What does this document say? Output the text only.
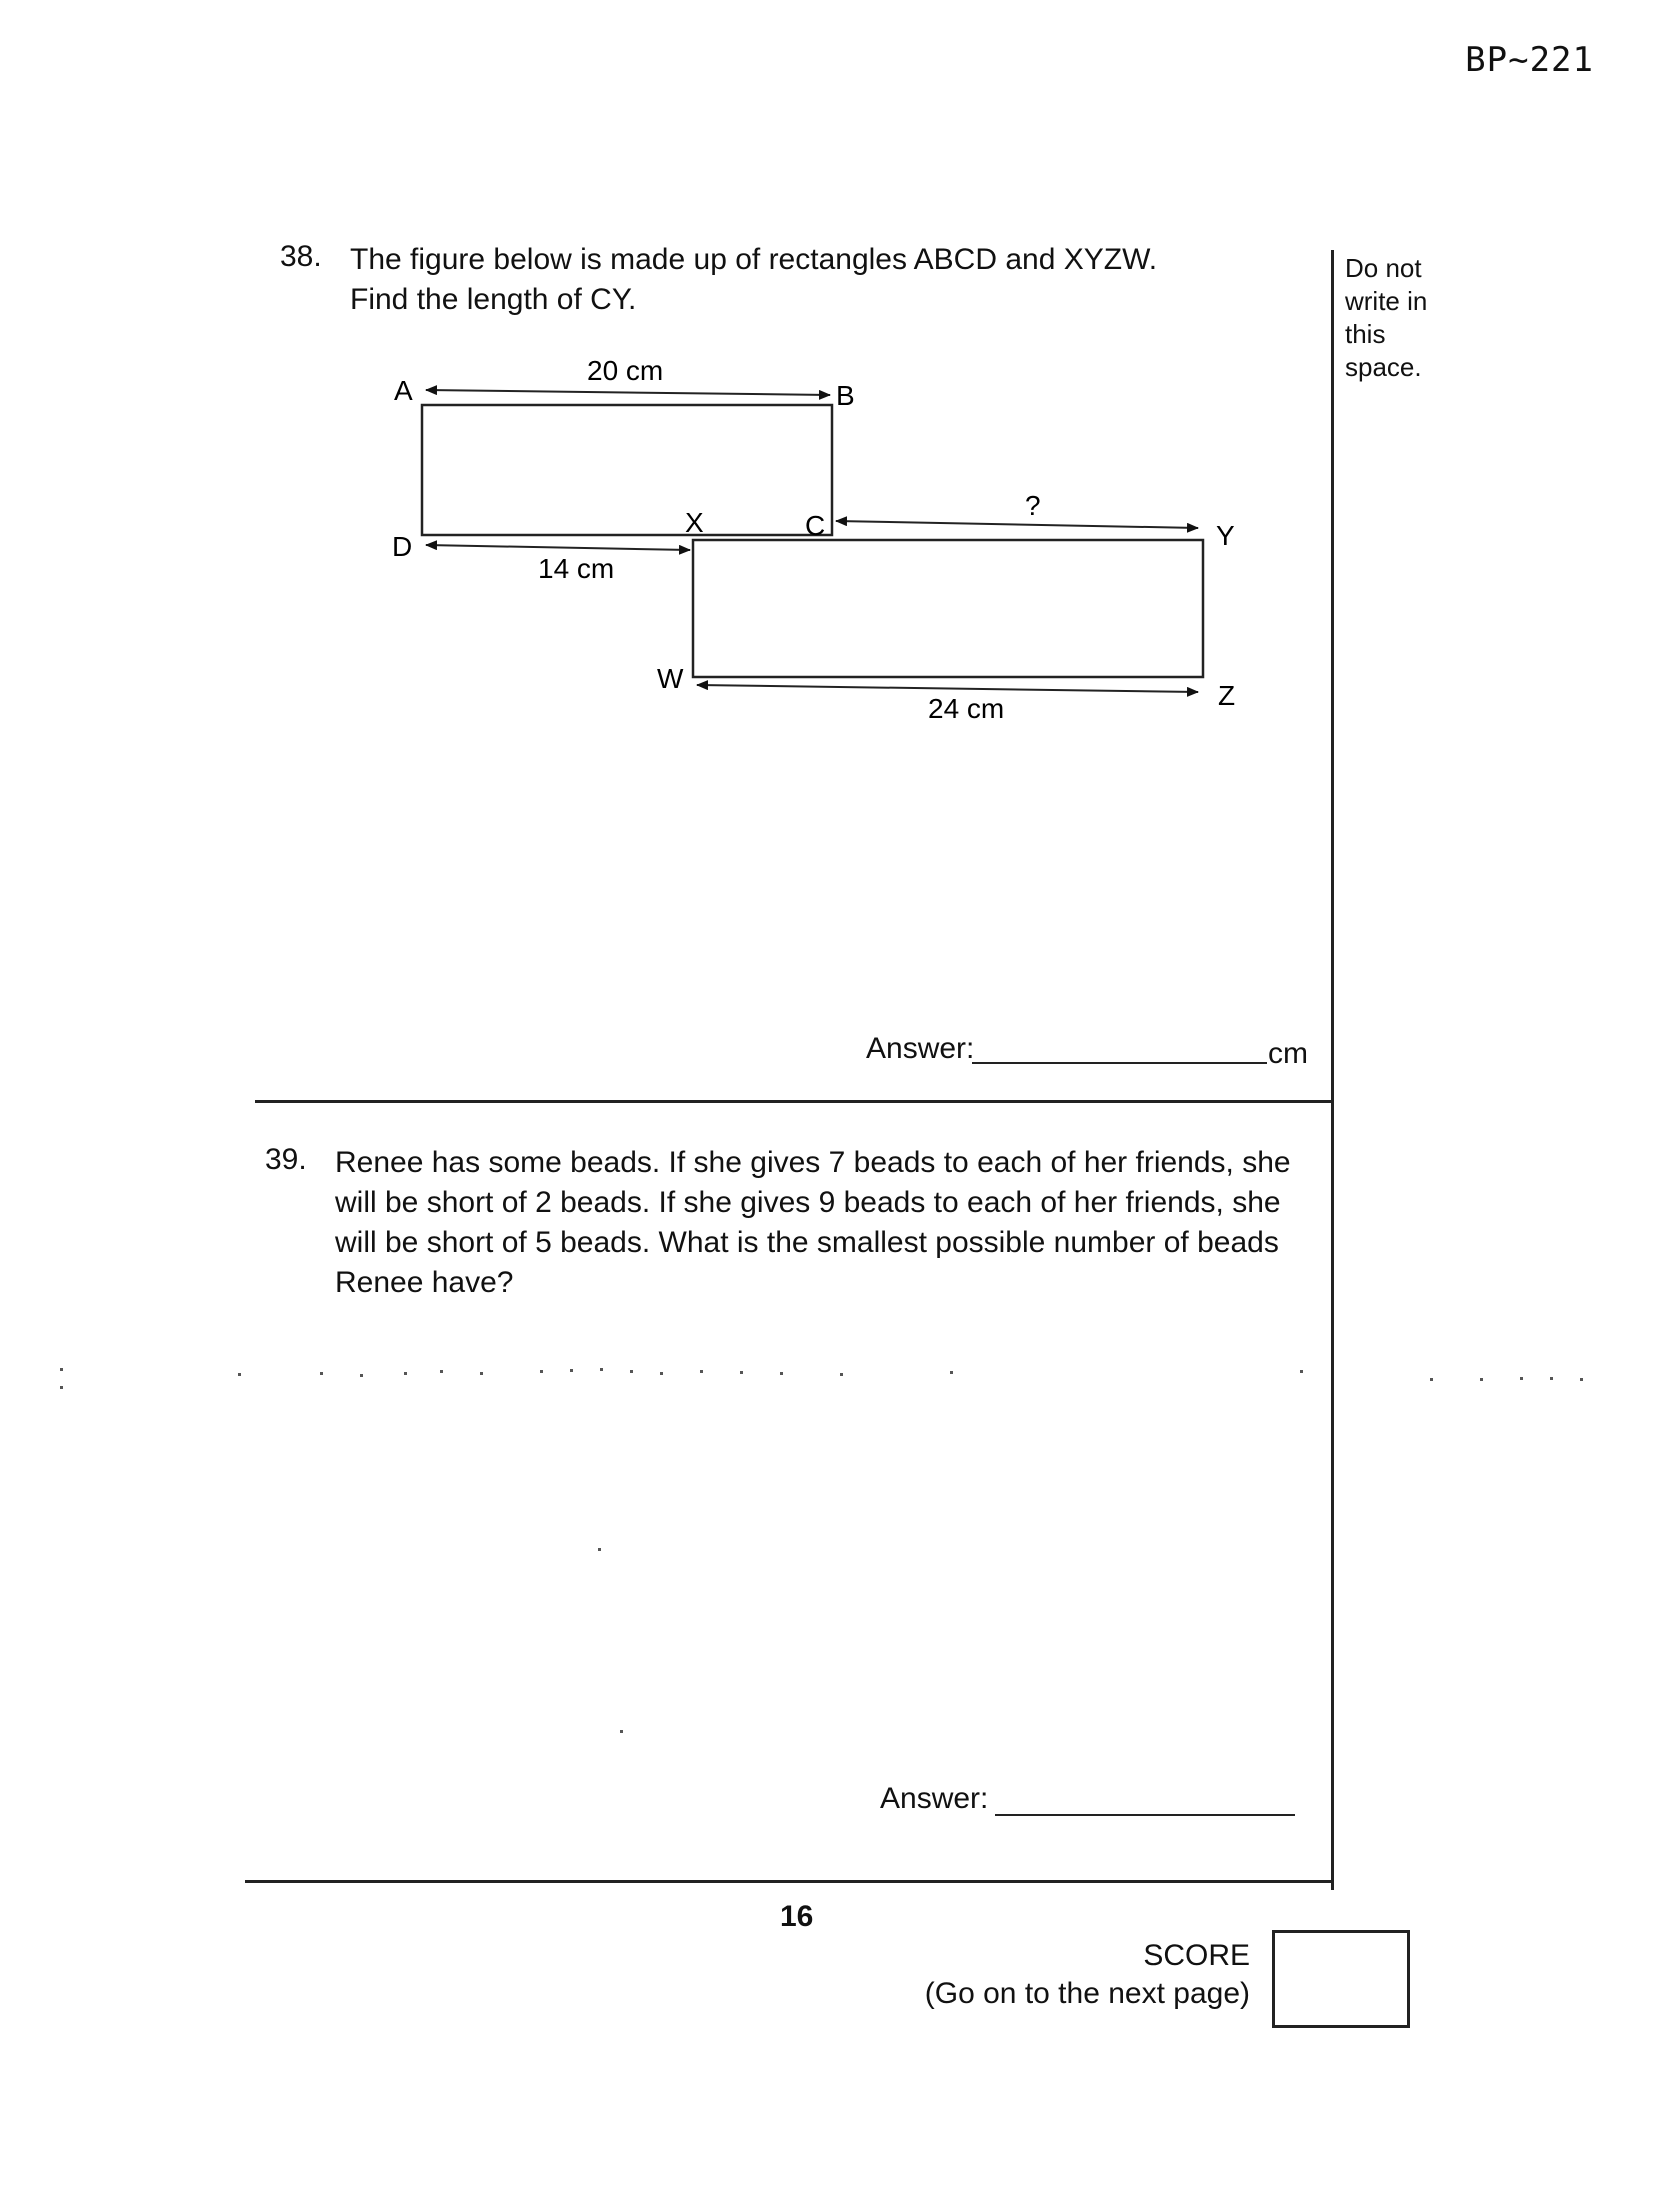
BP~221
Do not
write in
this
space.
38. The figure below is made up of rectangles ABCD and XYZW.
Find the length of CY.
A	B
D
X	C	Y
W
Z
20 cm
14 cm
?
24 cm
Answer:	cm
39. Renee has some beads. If she gives 7 beads to each of her friends, she
will be short of 2 beads. If she gives 9 beads to each of her friends, she
will be short of 5 beads. What is the smallest possible number of beads
Renee have?
Answer:
16
SCORE
(Go on to the next page)
